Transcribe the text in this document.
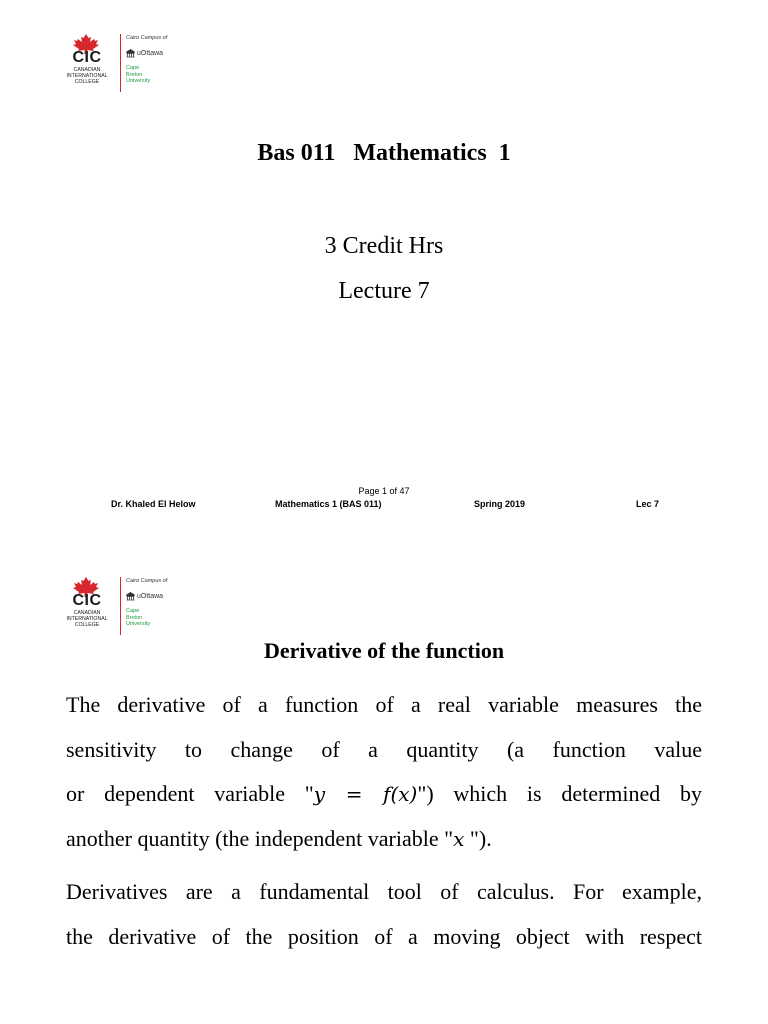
CIC
CANADIAN
INTERNATIONAL
COLLEGE
Cairo Campus of
uOttawa
Cape
Breton
University
Bas 011   Mathematics  1
3 Credit Hrs
Lecture 7
Page 1 of 47
Dr. Khaled El Helow	Mathematics 1 (BAS 011)	Spring 2019	Lec 7
CIC
CANADIAN
INTERNATIONAL
COLLEGE
Cairo Campus of
uOttawa
Cape
Breton
University
Derivative of the function
The derivative of a function of a real variable measures the
sensitivity to change of a quantity (a function value
or dependent variable "y = f(x)") which is determined by
another quantity (the independent variable "x ").
Derivatives are a fundamental tool of calculus. For example,
the derivative of the position of a moving object with respect
